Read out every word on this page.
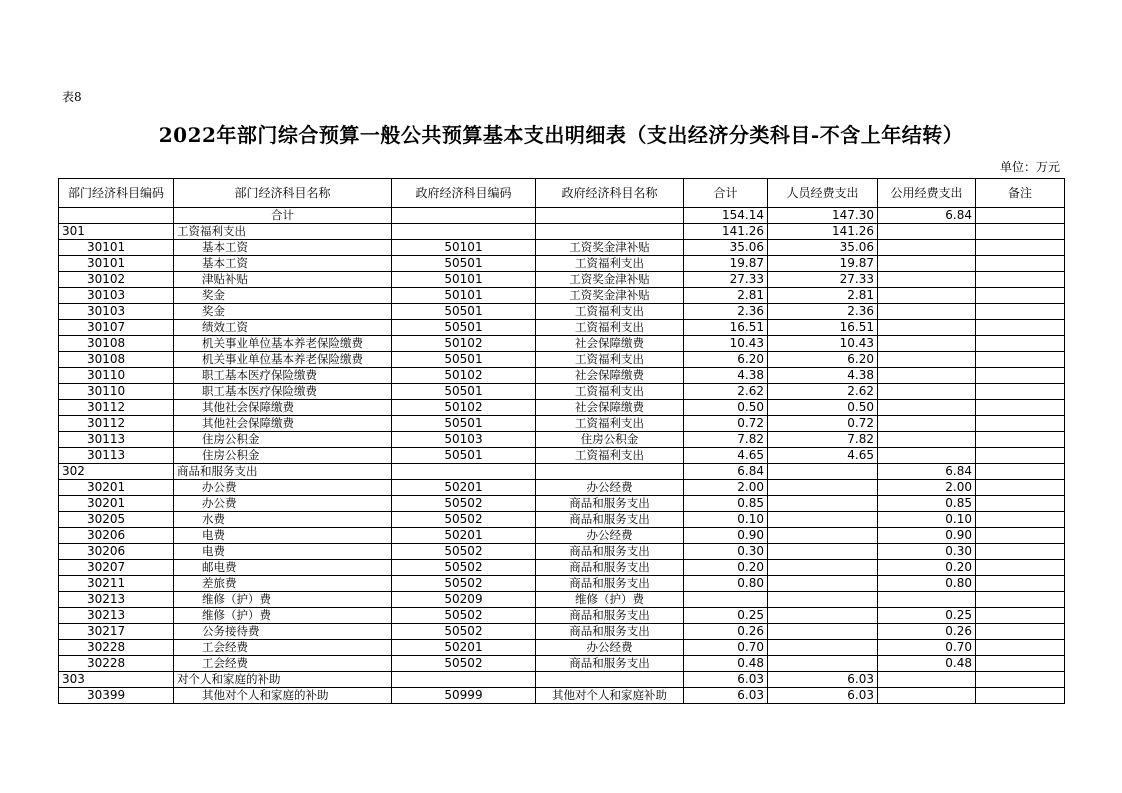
表8
2022年部门综合预算一般公共预算基本支出明细表（支出经济分类科目-不含上年结转）
单位：万元
部门经济科目编码	部门经济科目名称	政府经济科目编码	政府经济科目名称	合计	人员经费支出	公用经费支出	备注
	合计			154.14	147.30	6.84	
301	工资福利支出			141.26	141.26		
30101	基本工资	50101	工资奖金津补贴	35.06	35.06		
30101	基本工资	50501	工资福利支出	19.87	19.87		
30102	津贴补贴	50101	工资奖金津补贴	27.33	27.33		
30103	奖金	50101	工资奖金津补贴	2.81	2.81		
30103	奖金	50501	工资福利支出	2.36	2.36		
30107	绩效工资	50501	工资福利支出	16.51	16.51		
30108	机关事业单位基本养老保险缴费	50102	社会保障缴费	10.43	10.43		
30108	机关事业单位基本养老保险缴费	50501	工资福利支出	6.20	6.20		
30110	职工基本医疗保险缴费	50102	社会保障缴费	4.38	4.38		
30110	职工基本医疗保险缴费	50501	工资福利支出	2.62	2.62		
30112	其他社会保障缴费	50102	社会保障缴费	0.50	0.50		
30112	其他社会保障缴费	50501	工资福利支出	0.72	0.72		
30113	住房公积金	50103	住房公积金	7.82	7.82		
30113	住房公积金	50501	工资福利支出	4.65	4.65		
302	商品和服务支出			6.84		6.84	
30201	办公费	50201	办公经费	2.00		2.00	
30201	办公费	50502	商品和服务支出	0.85		0.85	
30205	水费	50502	商品和服务支出	0.10		0.10	
30206	电费	50201	办公经费	0.90		0.90	
30206	电费	50502	商品和服务支出	0.30		0.30	
30207	邮电费	50502	商品和服务支出	0.20		0.20	
30211	差旅费	50502	商品和服务支出	0.80		0.80	
30213	维修（护）费	50209	维修（护）费				
30213	维修（护）费	50502	商品和服务支出	0.25		0.25	
30217	公务接待费	50502	商品和服务支出	0.26		0.26	
30228	工会经费	50201	办公经费	0.70		0.70	
30228	工会经费	50502	商品和服务支出	0.48		0.48	
303	对个人和家庭的补助			6.03	6.03		
30399	其他对个人和家庭的补助	50999	其他对个人和家庭补助	6.03	6.03		
